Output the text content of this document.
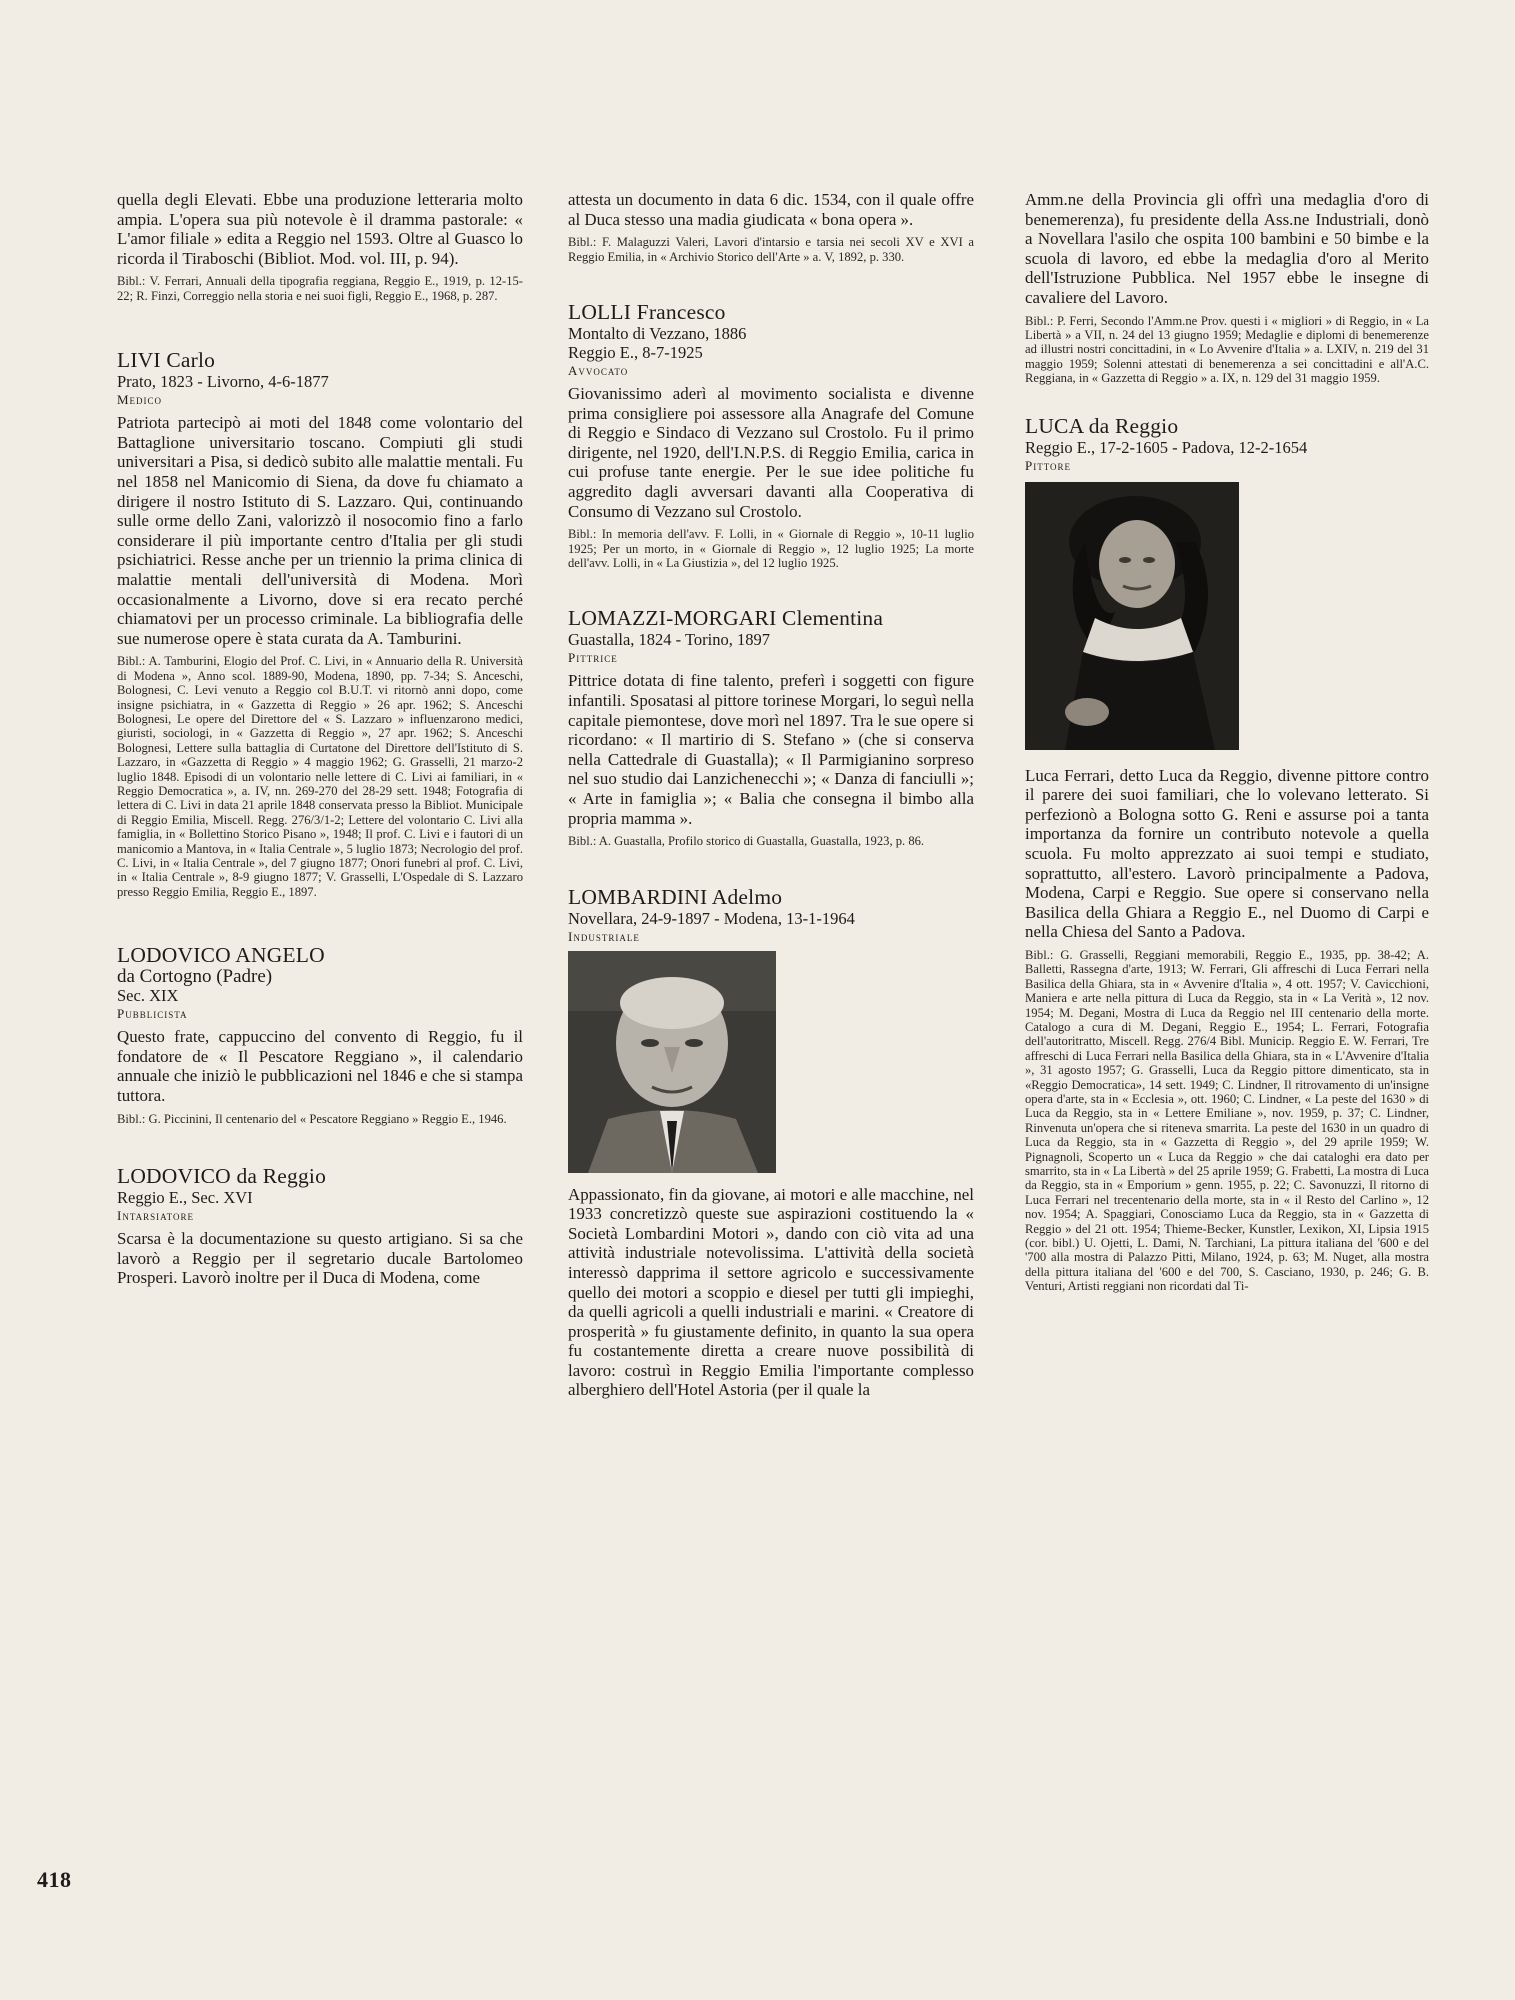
quella degli Elevati. Ebbe una produzione letteraria molto ampia. L'opera sua più notevole è il dramma pastorale: « L'amor filiale » edita a Reggio nel 1593. Oltre al Guasco lo ricorda il Tiraboschi (Bibliot. Mod. vol. III, p. 94).

Bibl.: V. Ferrari, Annuali della tipografia reggiana, Reggio E., 1919, p. 12-15-22; R. Finzi, Correggio nella storia e nei suoi figli, Reggio E., 1968, p. 287.

LIVI Carlo

Prato, 1823 - Livorno, 4-6-1877

Medico

Patriota partecipò ai moti del 1848 come volontario del Battaglione universitario toscano. Compiuti gli studi universitari a Pisa, si dedicò subito alle malattie mentali. Fu nel 1858 nel Manicomio di Siena, da dove fu chiamato a dirigere il nostro Istituto di S. Lazzaro. Qui, continuando sulle orme dello Zani, valorizzò il nosocomio fino a farlo considerare il più importante centro d'Italia per gli studi psichiatrici. Resse anche per un triennio la prima clinica di malattie mentali dell'università di Modena. Morì occasionalmente a Livorno, dove si era recato perché chiamatovi per un processo criminale. La bibliografia delle sue numerose opere è stata curata da A. Tamburini.

Bibl.: A. Tamburini, Elogio del Prof. C. Livi, in « Annuario della R. Università di Modena », Anno scol. 1889-90, Modena, 1890, pp. 7-34; S. Anceschi, Bolognesi, C. Levi venuto a Reggio col B.U.T. vi ritornò anni dopo, come insigne psichiatra, in « Gazzetta di Reggio » 26 apr. 1962; S. Anceschi Bolognesi, Le opere del Direttore del « S. Lazzaro » influenzarono medici, giuristi, sociologi, in « Gazzetta di Reggio », 27 apr. 1962; S. Anceschi Bolognesi, Lettere sulla battaglia di Curtatone del Direttore dell'Istituto di S. Lazzaro, in «Gazzetta di Reggio » 4 maggio 1962; G. Grasselli, 21 marzo-2 luglio 1848. Episodi di un volontario nelle lettere di C. Livi ai familiari, in « Reggio Democratica », a. IV, nn. 269-270 del 28-29 sett. 1948; Fotografia di lettera di C. Livi in data 21 aprile 1848 conservata presso la Bibliot. Municipale di Reggio Emilia, Miscell. Regg. 276/3/1-2; Lettere del volontario C. Livi alla famiglia, in « Bollettino Storico Pisano », 1948; Il prof. C. Livi e i fautori di un manicomio a Mantova, in « Italia Centrale », 5 luglio 1873; Necrologio del prof. C. Livi, in « Italia Centrale », del 7 giugno 1877; Onori funebri al prof. C. Livi, in « Italia Centrale », 8-9 giugno 1877; V. Grasselli, L'Ospedale di S. Lazzaro presso Reggio Emilia, Reggio E., 1897.

LODOVICO ANGELO

da Cortogno (Padre)

Sec. XIX

Pubblicista

Questo frate, cappuccino del convento di Reggio, fu il fondatore de « Il Pescatore Reggiano », il calendario annuale che iniziò le pubblicazioni nel 1846 e che si stampa tuttora.

Bibl.: G. Piccinini, Il centenario del « Pescatore Reggiano » Reggio E., 1946.

LODOVICO da Reggio

Reggio E., Sec. XVI

Intarsiatore

Scarsa è la documentazione su questo artigiano. Si sa che lavorò a Reggio per il segretario ducale Bartolomeo Prosperi. Lavorò inoltre per il Duca di Modena, come

attesta un documento in data 6 dic. 1534, con il quale offre al Duca stesso una madia giudicata « bona opera ».

Bibl.: F. Malaguzzi Valeri, Lavori d'intarsio e tarsia nei secoli XV e XVI a Reggio Emilia, in « Archivio Storico dell'Arte » a. V, 1892, p. 330.

LOLLI Francesco

Montalto di Vezzano, 1886

Reggio E., 8-7-1925

Avvocato

Giovanissimo aderì al movimento socialista e divenne prima consigliere poi assessore alla Anagrafe del Comune di Reggio e Sindaco di Vezzano sul Crostolo. Fu il primo dirigente, nel 1920, dell'I.N.P.S. di Reggio Emilia, carica in cui profuse tante energie. Per le sue idee politiche fu aggredito dagli avversari davanti alla Cooperativa di Consumo di Vezzano sul Crostolo.

Bibl.: In memoria dell'avv. F. Lolli, in « Giornale di Reggio », 10-11 luglio 1925; Per un morto, in « Giornale di Reggio », 12 luglio 1925; La morte dell'avv. Lolli, in « La Giustizia », del 12 luglio 1925.

LOMAZZI-MORGARI Clementina

Guastalla, 1824 - Torino, 1897

Pittrice

Pittrice dotata di fine talento, preferì i soggetti con figure infantili. Sposatasi al pittore torinese Morgari, lo seguì nella capitale piemontese, dove morì nel 1897. Tra le sue opere si ricordano: « Il martirio di S. Stefano » (che si conserva nella Cattedrale di Guastalla); « Il Parmigianino sorpreso nel suo studio dai Lanzichenecchi »; « Danza di fanciulli »; « Arte in famiglia »; « Balia che consegna il bimbo alla propria mamma ».

Bibl.: A. Guastalla, Profilo storico di Guastalla, Guastalla, 1923, p. 86.

LOMBARDINI Adelmo

Novellara, 24-9-1897 - Modena, 13-1-1964

Industriale

Appassionato, fin da giovane, ai motori e alle macchine, nel 1933 concretizzò queste sue aspirazioni costituendo la « Società Lombardini Motori », dando con ciò vita ad una attività industriale notevolissima. L'attività della società interessò dapprima il settore agricolo e successivamente quello dei motori a scoppio e diesel per tutti gli impieghi, da quelli agricoli a quelli industriali e marini. « Creatore di prosperità » fu giustamente definito, in quanto la sua opera fu costantemente diretta a creare nuove possibilità di lavoro: costruì in Reggio Emilia l'importante complesso alberghiero dell'Hotel Astoria (per il quale la

Amm.ne della Provincia gli offrì una medaglia d'oro di benemerenza), fu presidente della Ass.ne Industriali, donò a Novellara l'asilo che ospita 100 bambini e 50 bimbe e la scuola di lavoro, ed ebbe la medaglia d'oro al Merito dell'Istruzione Pubblica. Nel 1957 ebbe le insegne di cavaliere del Lavoro.

Bibl.: P. Ferri, Secondo l'Amm.ne Prov. questi i « migliori » di Reggio, in « La Libertà » a VII, n. 24 del 13 giugno 1959; Medaglie e diplomi di benemerenze ad illustri nostri concittadini, in « Lo Avvenire d'Italia » a. LXIV, n. 219 del 31 maggio 1959; Solenni attestati di benemerenza a sei concittadini e all'A.C. Reggiana, in « Gazzetta di Reggio » a. IX, n. 129 del 31 maggio 1959.

LUCA da Reggio

Reggio E., 17-2-1605 - Padova, 12-2-1654

Pittore

Luca Ferrari, detto Luca da Reggio, divenne pittore contro il parere dei suoi familiari, che lo volevano letterato. Si perfezionò a Bologna sotto G. Reni e assurse poi a tanta importanza da fornire un contributo notevole a quella scuola. Fu molto apprezzato ai suoi tempi e studiato, soprattutto, all'estero. Lavorò principalmente a Padova, Modena, Carpi e Reggio. Sue opere si conservano nella Basilica della Ghiara a Reggio E., nel Duomo di Carpi e nella Chiesa del Santo a Padova.

Bibl.: G. Grasselli, Reggiani memorabili, Reggio E., 1935, pp. 38-42; A. Balletti, Rassegna d'arte, 1913; W. Ferrari, Gli affreschi di Luca Ferrari nella Basilica della Ghiara, sta in « Avvenire d'Italia », 4 ott. 1957; V. Cavicchioni, Maniera e arte nella pittura di Luca da Reggio, sta in « La Verità », 12 nov. 1954; M. Degani, Mostra di Luca da Reggio nel III centenario della morte. Catalogo a cura di M. Degani, Reggio E., 1954; L. Ferrari, Fotografia dell'autoritratto, Miscell. Regg. 276/4 Bibl. Municip. Reggio E. W. Ferrari, Tre affreschi di Luca Ferrari nella Basilica della Ghiara, sta in « L'Avvenire d'Italia », 31 agosto 1957; G. Grasselli, Luca da Reggio pittore dimenticato, sta in «Reggio Democratica», 14 sett. 1949; C. Lindner, Il ritrovamento di un'insigne opera d'arte, sta in « Ecclesia », ott. 1960; C. Lindner, « La peste del 1630 » di Luca da Reggio, sta in « Lettere Emiliane », nov. 1959, p. 37; C. Lindner, Rinvenuta un'opera che si riteneva smarrita. La peste del 1630 in un quadro di Luca da Reggio, sta in « Gazzetta di Reggio », del 29 aprile 1959; W. Pignagnoli, Scoperto un « Luca da Reggio » che dai cataloghi era dato per smarrito, sta in « La Libertà » del 25 aprile 1959; G. Frabetti, La mostra di Luca da Reggio, sta in « Emporium » genn. 1955, p. 22; C. Savonuzzi, Il ritorno di Luca Ferrari nel trecentenario della morte, sta in « il Resto del Carlino », 12 nov. 1954; A. Spaggiari, Conosciamo Luca da Reggio, sta in « Gazzetta di Reggio » del 21 ott. 1954; Thieme-Becker, Kunstler, Lexikon, XI, Lipsia 1915 (cor. bibl.) U. Ojetti, L. Dami, N. Tarchiani, La pittura italiana del '600 e del '700 alla mostra di Palazzo Pitti, Milano, 1924, p. 63; M. Nuget, alla mostra della pittura italiana del '600 e del 700, S. Casciano, 1930, p. 246; G. B. Venturi, Artisti reggiani non ricordati dal Ti-

418
